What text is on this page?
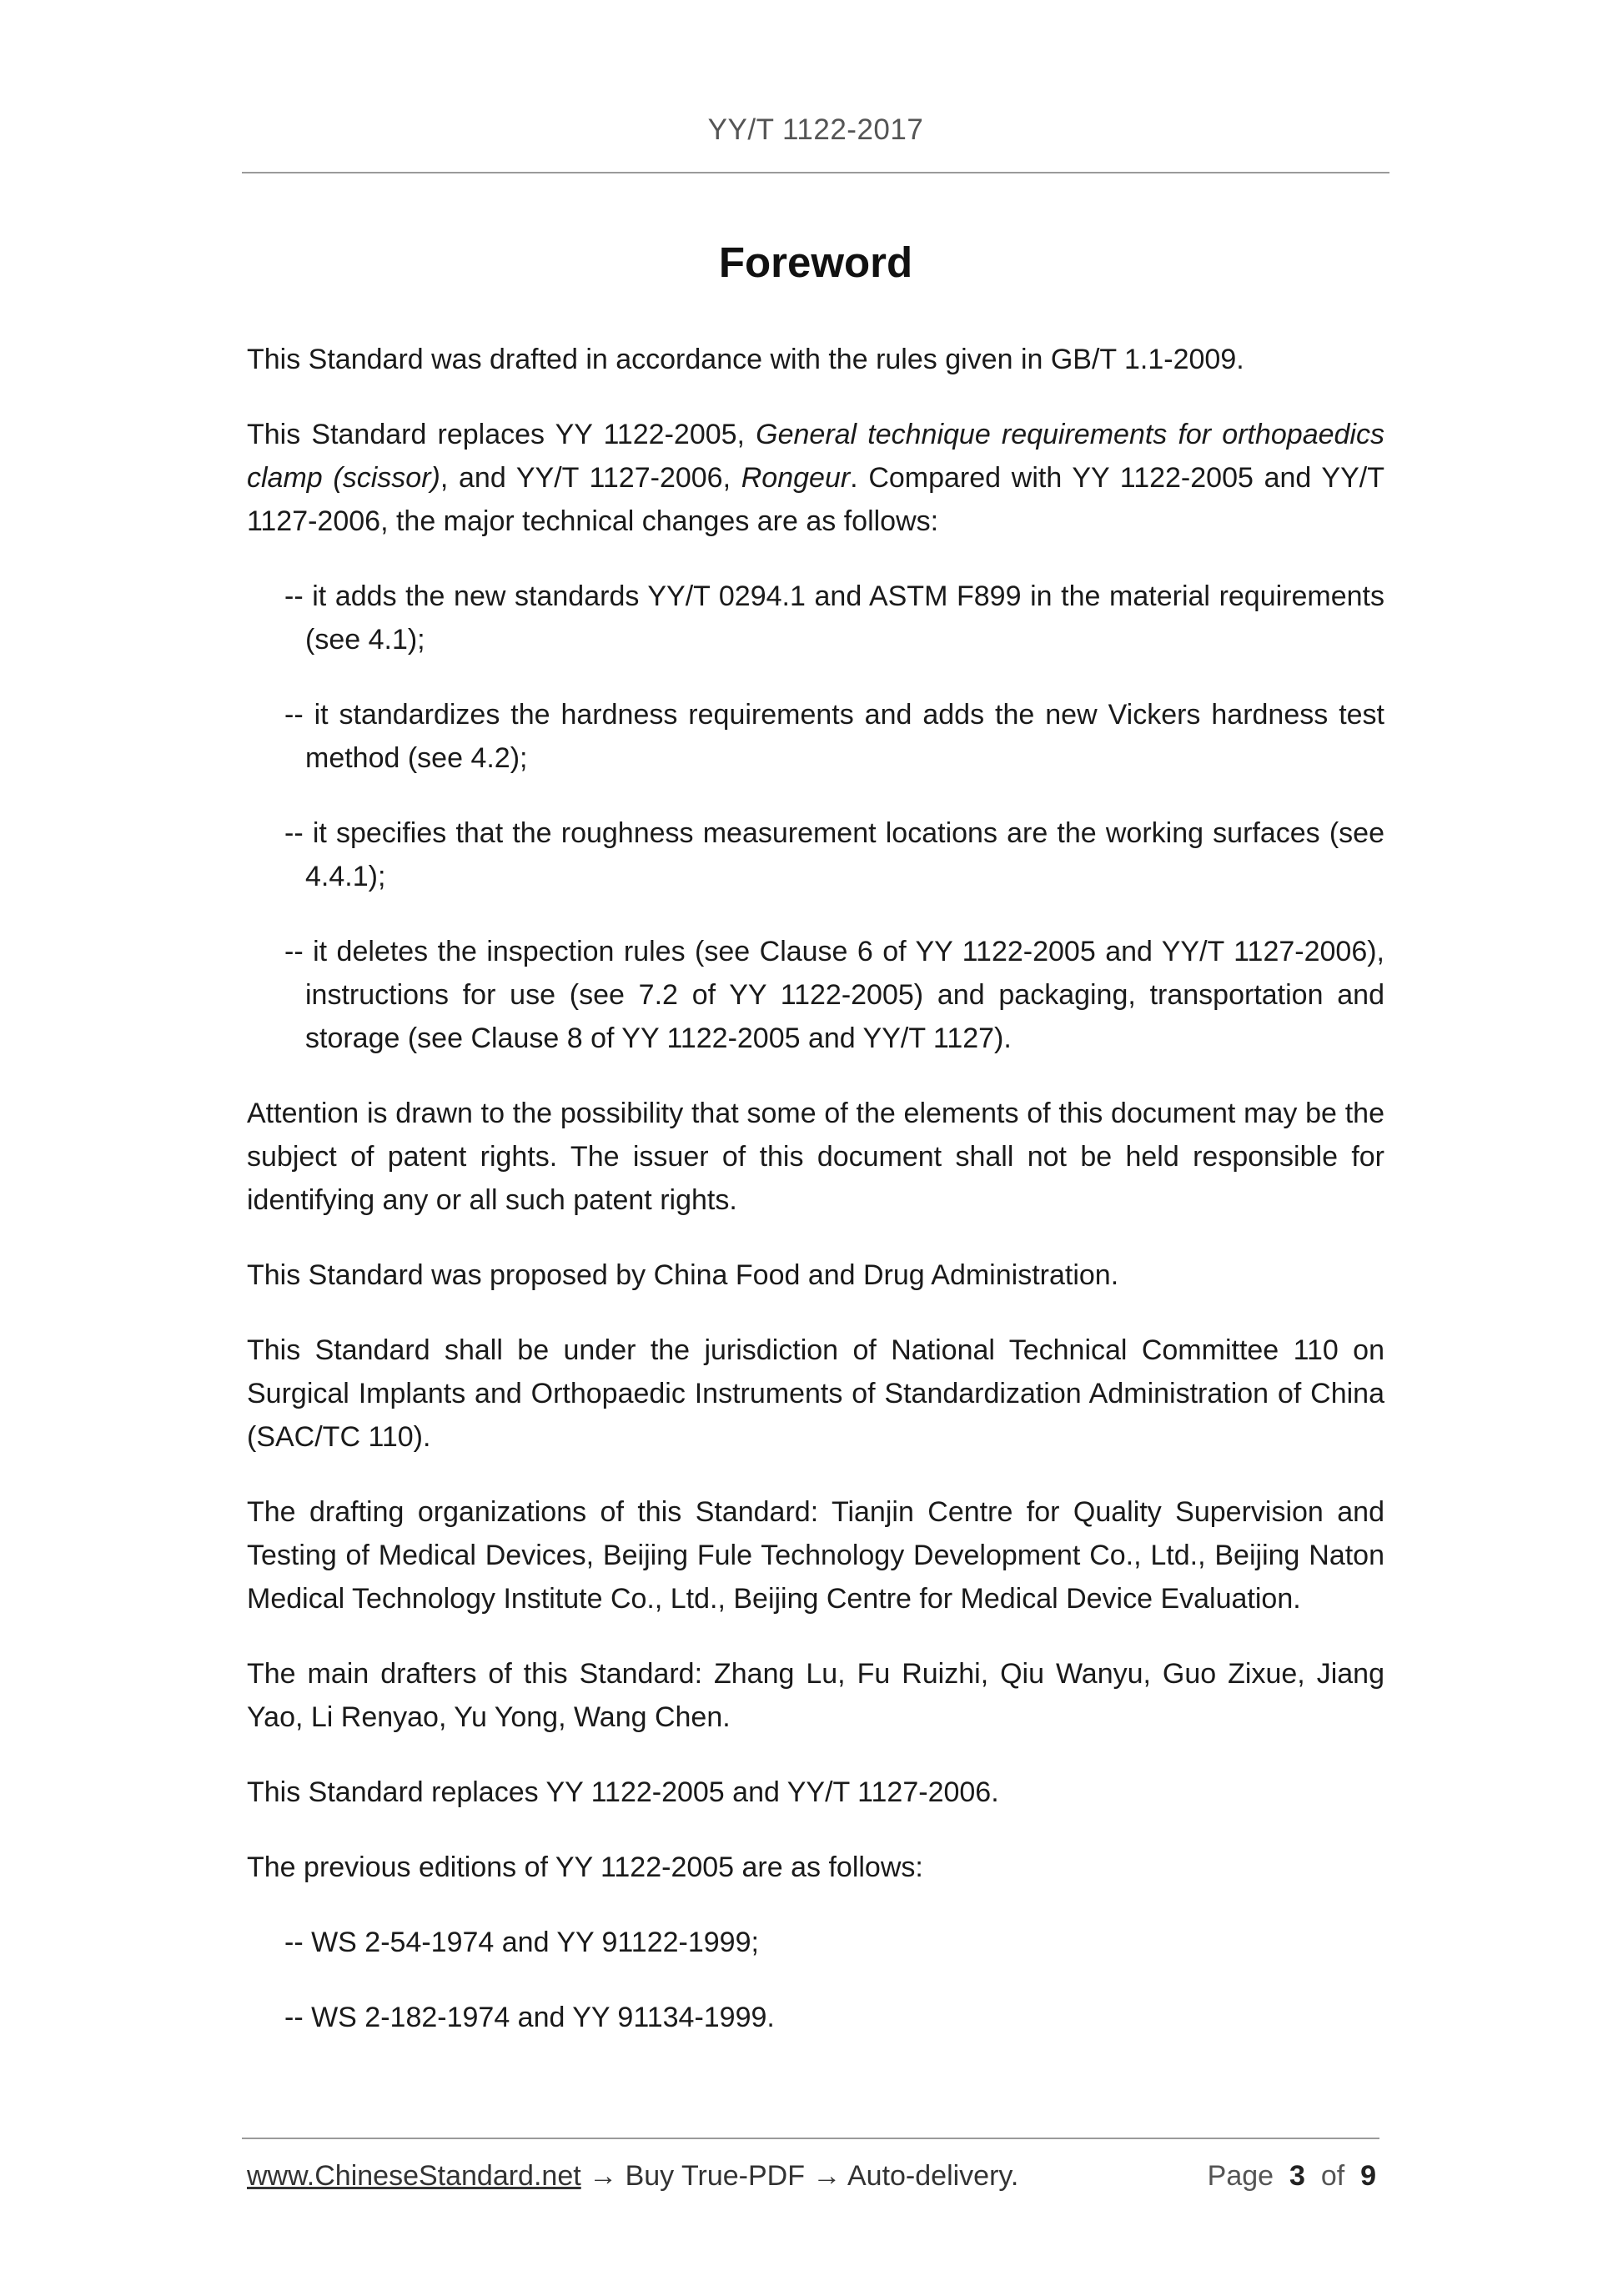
YY/T 1122-2017
Foreword

This Standard was drafted in accordance with the rules given in GB/T 1.1-2009.

This Standard replaces YY 1122-2005, General technique requirements for orthopaedics clamp (scissor), and YY/T 1127-2006, Rongeur. Compared with YY 1122-2005 and YY/T 1127-2006, the major technical changes are as follows:

-- it adds the new standards YY/T 0294.1 and ASTM F899 in the material requirements (see 4.1);

-- it standardizes the hardness requirements and adds the new Vickers hardness test method (see 4.2);

-- it specifies that the roughness measurement locations are the working surfaces (see 4.4.1);

-- it deletes the inspection rules (see Clause 6 of YY 1122-2005 and YY/T 1127-2006), instructions for use (see 7.2 of YY 1122-2005) and packaging, transportation and storage (see Clause 8 of YY 1122-2005 and YY/T 1127).

Attention is drawn to the possibility that some of the elements of this document may be the subject of patent rights. The issuer of this document shall not be held responsible for identifying any or all such patent rights.

This Standard was proposed by China Food and Drug Administration.

This Standard shall be under the jurisdiction of National Technical Committee 110 on Surgical Implants and Orthopaedic Instruments of Standardization Administration of China (SAC/TC 110).

The drafting organizations of this Standard: Tianjin Centre for Quality Supervision and Testing of Medical Devices, Beijing Fule Technology Development Co., Ltd., Beijing Naton Medical Technology Institute Co., Ltd., Beijing Centre for Medical Device Evaluation.

The main drafters of this Standard: Zhang Lu, Fu Ruizhi, Qiu Wanyu, Guo Zixue, Jiang Yao, Li Renyao, Yu Yong, Wang Chen.

This Standard replaces YY 1122-2005 and YY/T 1127-2006.

The previous editions of YY 1122-2005 are as follows:

-- WS 2-54-1974 and YY 91122-1999;

-- WS 2-182-1974 and YY 91134-1999.

www.ChineseStandard.net → Buy True-PDF → Auto-delivery.	Page 3 of 9
